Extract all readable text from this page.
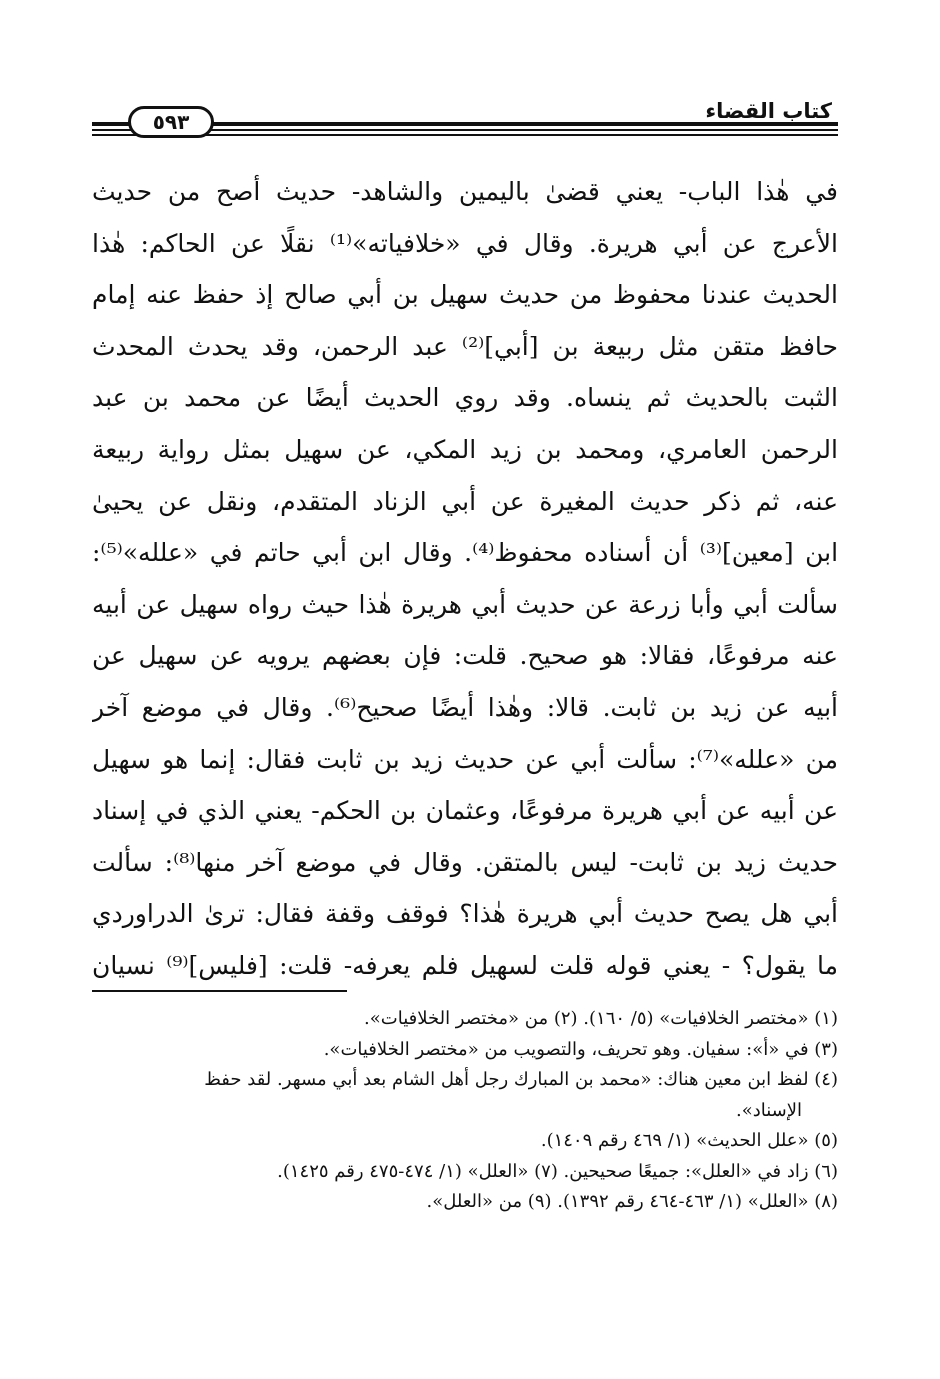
كتاب القضاء
٥٩٣
في هٰذا الباب- يعني قضىٰ باليمين والشاهد- حديث أصح من حديث
الأعرج عن أبي هريرة. وقال في «خلافياته»⁽¹⁾ نقلًا عن الحاكم: هٰذا
الحديث عندنا محفوظ من حديث سهيل بن أبي صالح إذ حفظ عنه إمام
حافظ متقن مثل ربيعة بن [أبي]⁽²⁾ عبد الرحمن، وقد يحدث المحدث
الثبت بالحديث ثم ينساه. وقد روي الحديث أيضًا عن محمد بن عبد
الرحمن العامري، ومحمد بن زيد المكي، عن سهيل بمثل رواية ربيعة
عنه، ثم ذكر حديث المغيرة عن أبي الزناد المتقدم، ونقل عن يحيىٰ
ابن [معين]⁽³⁾ أن أسناده محفوظ⁽⁴⁾. وقال ابن أبي حاتم في «علله»⁽⁵⁾:
سألت أبي وأبا زرعة عن حديث أبي هريرة هٰذا حيث رواه سهيل عن أبيه
عنه مرفوعًا، فقالا: هو صحيح. قلت: فإن بعضهم يرويه عن سهيل عن
أبيه عن زيد بن ثابت. قالا: وهٰذا أيضًا صحيح⁽⁶⁾. وقال في موضع آخر
من «علله»⁽⁷⁾: سألت أبي عن حديث زيد بن ثابت فقال: إنما هو سهيل
عن أبيه عن أبي هريرة مرفوعًا، وعثمان بن الحكم- يعني الذي في إسناد
حديث زيد بن ثابت- ليس بالمتقن. وقال في موضع آخر منها⁽⁸⁾: سألت
أبي هل يصح حديث أبي هريرة هٰذا؟ فوقف وقفة فقال: ترىٰ الدراوردي
ما يقول؟ - يعني قوله قلت لسهيل فلم يعرفه- قلت: [فليس]⁽⁹⁾ نسيان
(١) «مختصر الخلافيات» (٥/ ١٦٠). (٢) من «مختصر الخلافيات».
(٣) في «أ»: سفيان. وهو تحريف، والتصويب من «مختصر الخلافيات».
(٤) لفظ ابن معين هناك: «محمد بن المبارك رجل أهل الشام بعد أبي مسهر. لقد حفظ
الإسناد».
(٥) «علل الحديث» (١/ ٤٦٩ رقم ١٤٠٩).
(٦) زاد في «العلل»: جميعًا صحيحين. (٧) «العلل» (١/ ٤٧٤-٤٧٥ رقم ١٤٢٥).
(٨) «العلل» (١/ ٤٦٣-٤٦٤ رقم ١٣٩٢). (٩) من «العلل».
